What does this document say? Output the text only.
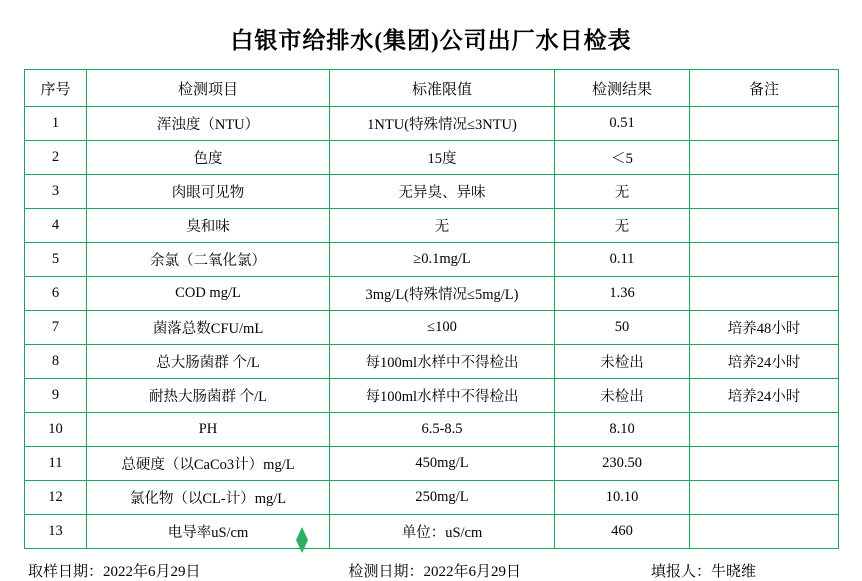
白银市给排水(集团)公司出厂水日检表
序号	检测项目	标准限值	检测结果	备注
1	浑浊度（NTU）	1NTU(特殊情况≤3NTU)	0.51	
2	色度	15度	＜5	
3	肉眼可见物	无异臭、异味	无	
4	臭和味	无	无	
5	余氯（二氧化氯）	≥0.1mg/L	0.11	
6	COD mg/L	3mg/L(特殊情况≤5mg/L)	1.36	
7	菌落总数CFU/mL	≤100	50	培养48小时
8	总大肠菌群 个/L	每100ml水样中不得检出	未检出	培养24小时
9	耐热大肠菌群 个/L	每100ml水样中不得检出	未检出	培养24小时
10	PH	6.5-8.5	8.10	
11	总硬度（以CaCo3计）mg/L	450mg/L	230.50	
12	氯化物（以CL-计）mg/L	250mg/L	10.10	
13	电导率uS/cm	单位：uS/cm	460	
取样日期：2022年6月29日	检测日期：2022年6月29日	填报人：牛晓维
